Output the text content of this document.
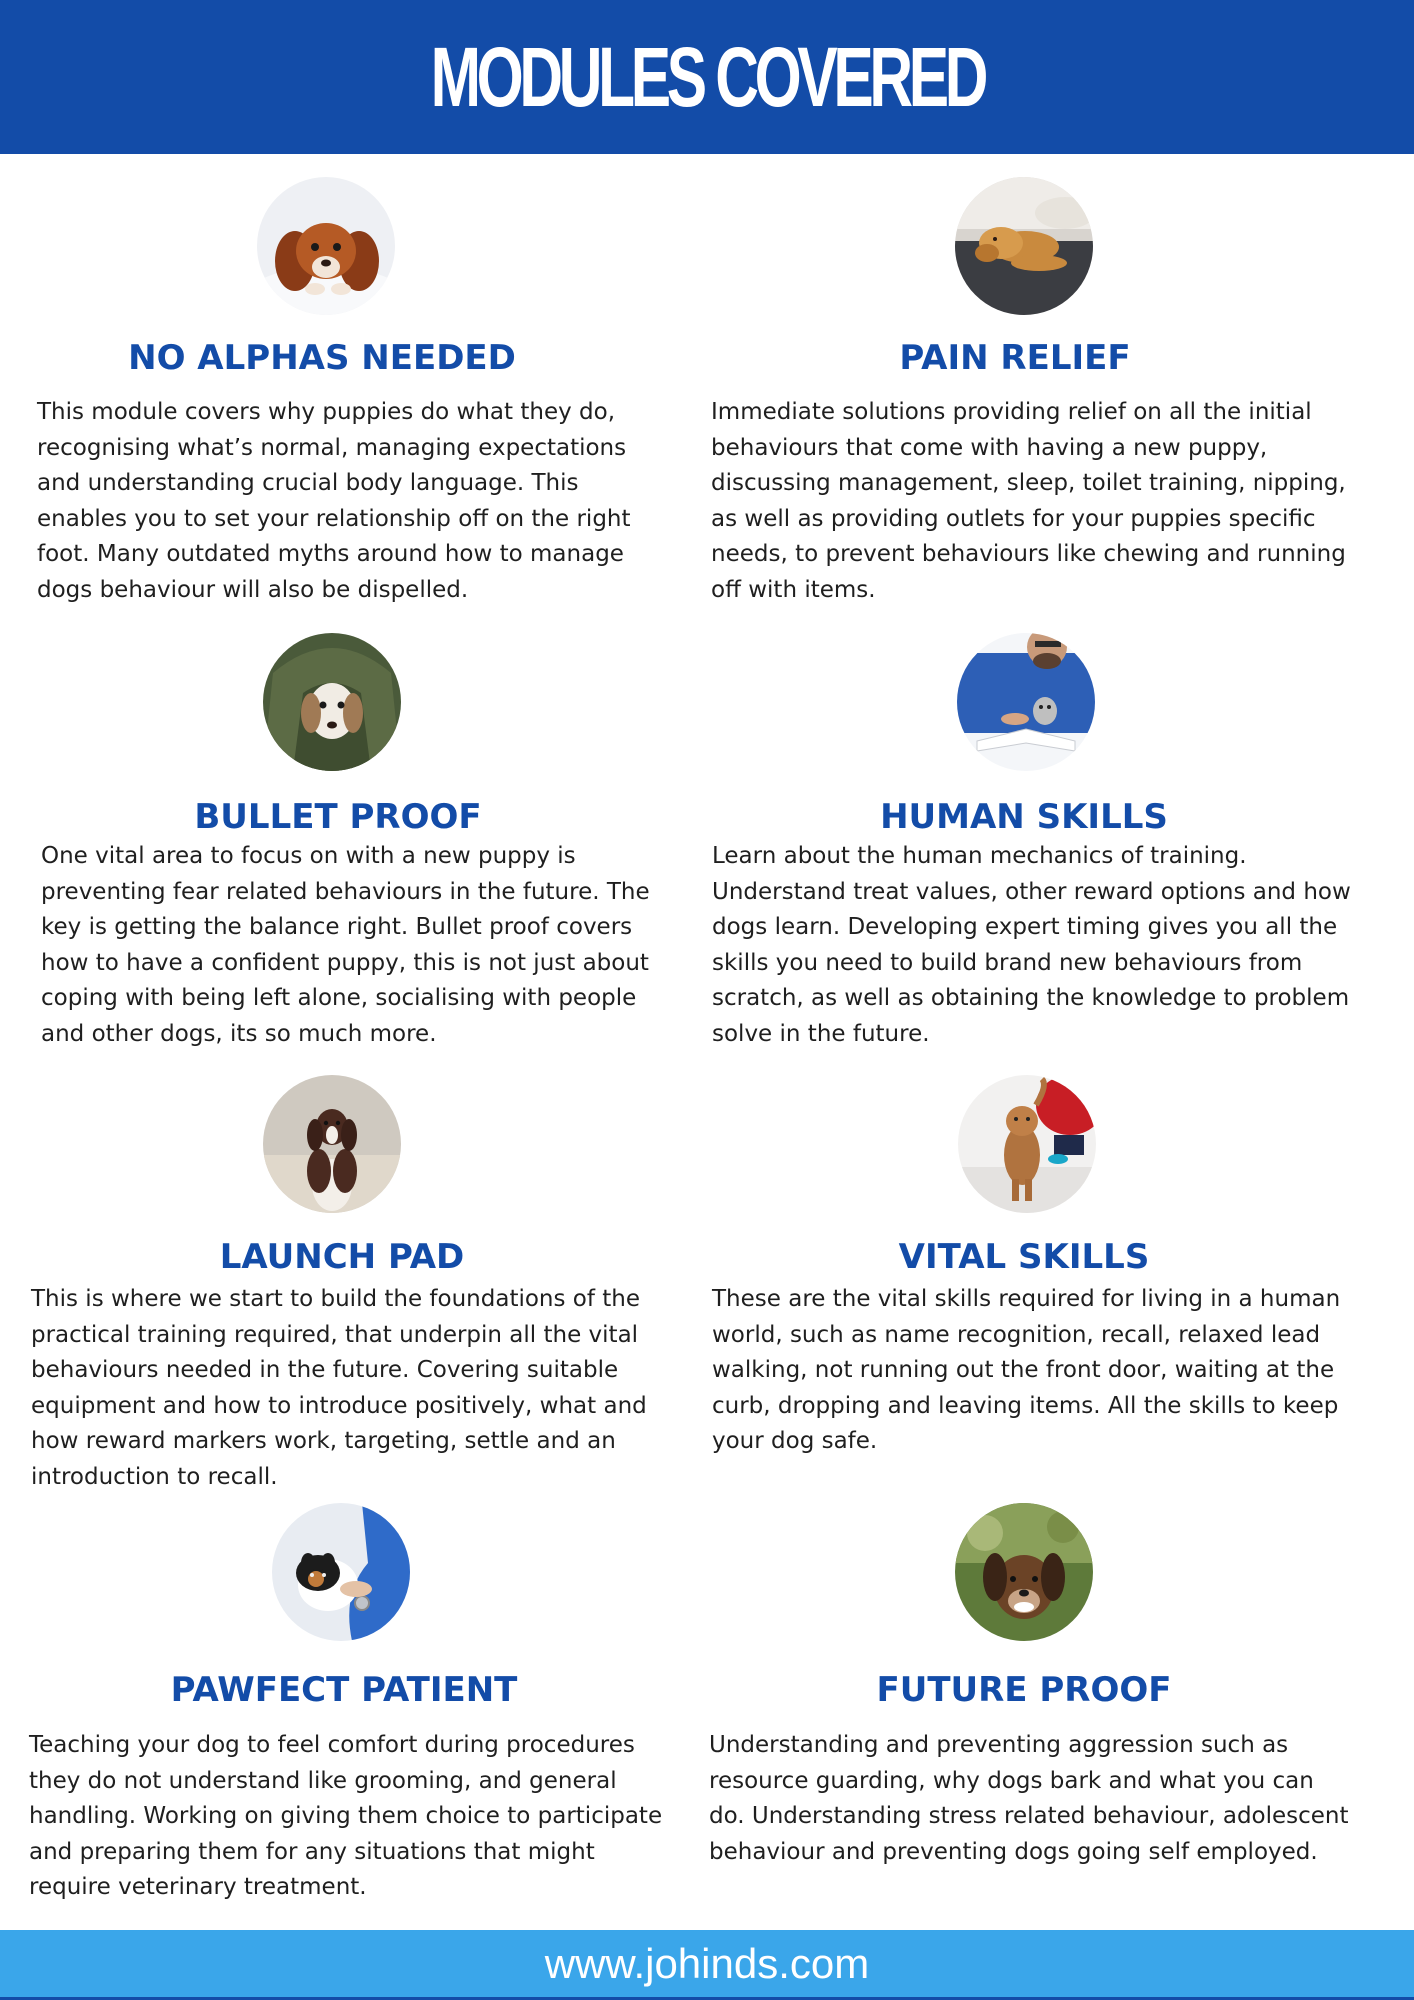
MODULES COVERED
NO ALPHAS NEEDED

This module covers why puppies do what they do, recognising what’s normal, managing expectations and understanding crucial body language. This enables you to set your relationship off on the right foot. Many outdated myths around how to manage dogs behaviour will also be dispelled.

PAIN RELIEF

Immediate solutions providing relief on all the initial behaviours that come with having a new puppy, discussing management, sleep, toilet training, nipping, as well as providing outlets for your puppies specific needs, to prevent behaviours like chewing and running off with items.

BULLET PROOF

One vital area to focus on with a new puppy is preventing fear related behaviours in the future. The key is getting the balance right. Bullet proof covers how to have a confident puppy, this is not just about coping with being left alone, socialising with people and other dogs, its so much more.

HUMAN SKILLS

Learn about the human mechanics of training. Understand treat values, other reward options and how dogs learn. Developing expert timing gives you all the skills you need to build brand new behaviours from scratch, as well as obtaining the knowledge to problem solve in the future.

LAUNCH PAD

This is where we start to build the foundations of the practical training required, that underpin all the vital behaviours needed in the future. Covering suitable equipment and how to introduce positively, what and how reward markers work, targeting, settle and an introduction to recall.

VITAL SKILLS

These are the vital skills required for living in a human world, such as name recognition, recall, relaxed lead walking, not running out the front door, waiting at the curb, dropping and leaving items. All the skills to keep your dog safe.

PAWFECT PATIENT

Teaching your dog to feel comfort during procedures they do not understand like grooming, and general handling. Working on giving them choice to participate and preparing them for any situations that might require veterinary treatment.

FUTURE PROOF

Understanding and preventing aggression such as resource guarding, why dogs bark and what you can do. Understanding stress related behaviour, adolescent behaviour and preventing dogs going self employed.

www.johinds.com
